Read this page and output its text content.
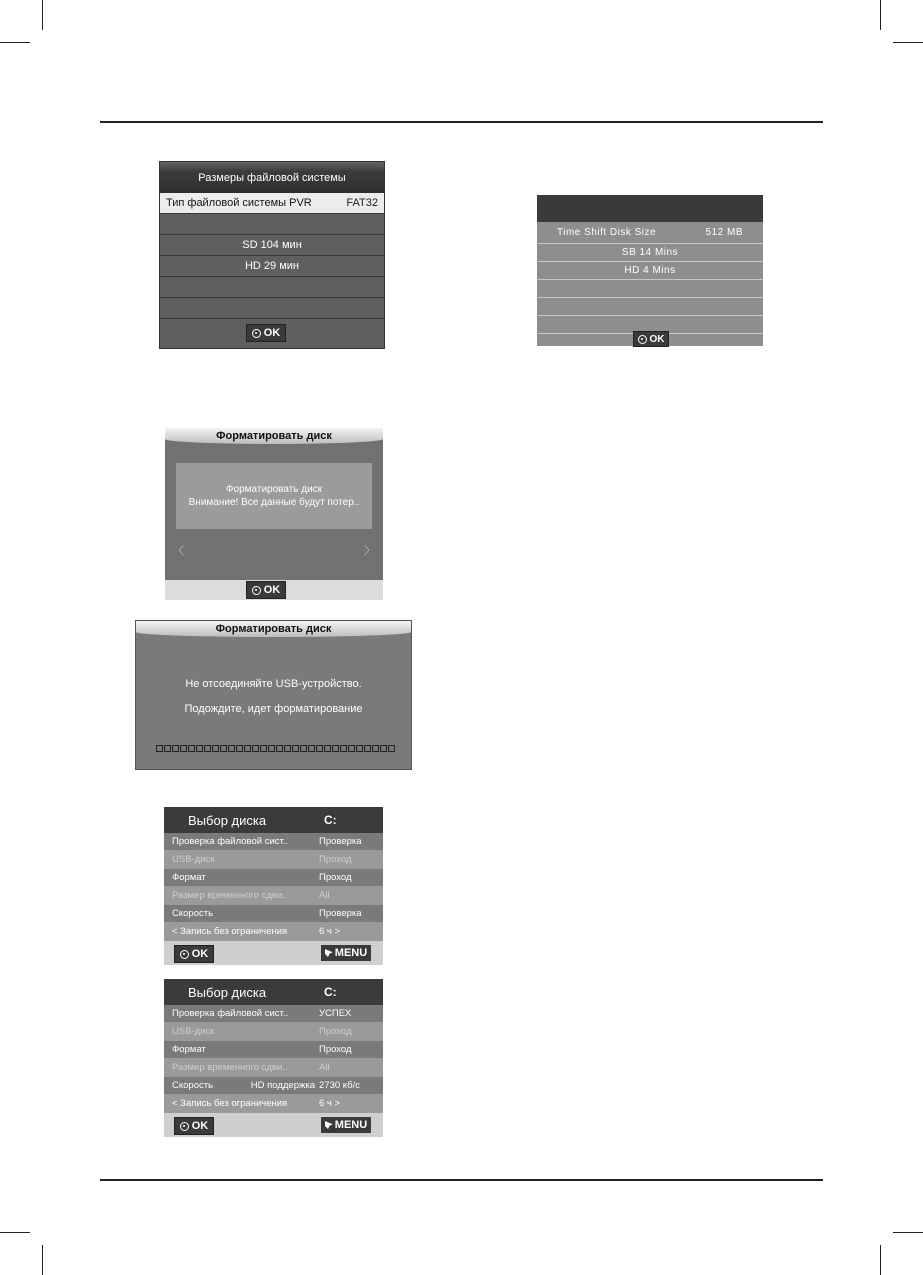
Размеры файловой системы
Тип файловой системы PVR	FAT32
SD 104 мин
HD 29 мин
OK
Time Shift Disk Size	512 MB
SB 14 Mins
HD 4 Mins
OK
Форматировать диск
Форматировать диск
Внимание! Все данные будут потер..
〈	〉
OK
Форматировать диск
Не отсоединяйте USB-устройство.
Подождите, идет форматирование
Выбор диска	C:
Проверка файловой сист..	Проверка
USB-диск	Проход
Формат	Проход
Размер временного сдви..	All
Скорость	Проверка
< Запись без ограничения	6 ч >
OK	MENU
Выбор диска	C:
Проверка файловой сист..	УСПЕХ
USB-диск	Проход
Формат	Проход
Размер временного сдви..	All
Скорость	HD поддержка 2730 кб/с
< Запись без ограничения	6 ч >
OK	MENU
